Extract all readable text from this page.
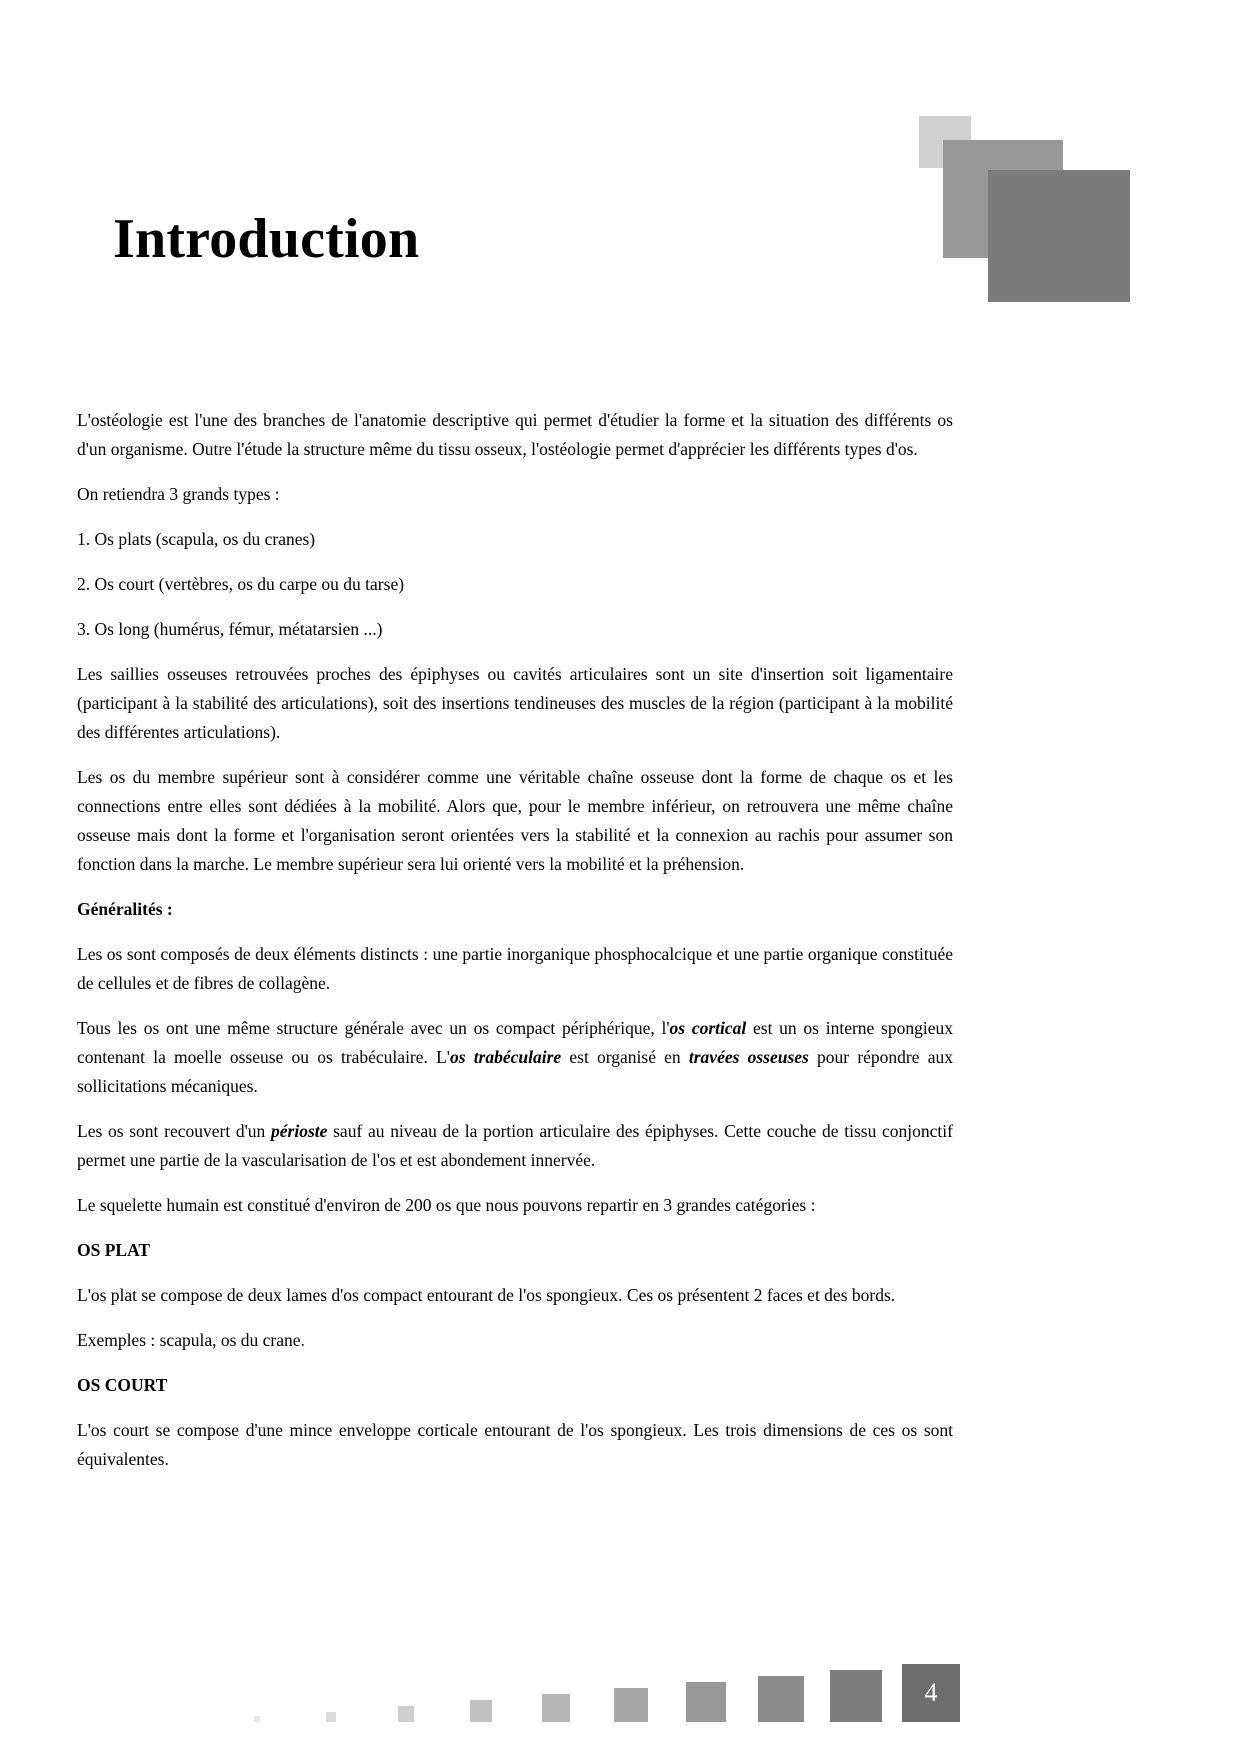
Introduction

L'ostéologie est l'une des branches de l'anatomie descriptive qui permet d'étudier la forme et la situation des différents os d'un organisme. Outre l'étude la structure même du tissu osseux, l'ostéologie permet d'apprécier les différents types d'os.

On retiendra 3 grands types :

1. Os plats (scapula, os du cranes)

2. Os court (vertèbres, os du carpe ou du tarse)

3. Os long (humérus, fémur, métatarsien ...)

Les saillies osseuses retrouvées proches des épiphyses ou cavités articulaires sont un site d'insertion soit ligamentaire (participant à la stabilité des articulations), soit des insertions tendineuses des muscles de la région (participant à la mobilité des différentes articulations).

Les os du membre supérieur sont à considérer comme une véritable chaîne osseuse dont la forme de chaque os et les connections entre elles sont dédiées à la mobilité. Alors que, pour le membre inférieur, on retrouvera une même chaîne osseuse mais dont la forme et l'organisation seront orientées vers la stabilité et la connexion au rachis pour assumer son fonction dans la marche. Le membre supérieur sera lui orienté vers la mobilité et la préhension.

Généralités :

Les os sont composés de deux éléments distincts : une partie inorganique phosphocalcique et une partie organique constituée de cellules et de fibres de collagène.

Tous les os ont une même structure générale avec un os compact périphérique, l'os cortical est un os interne spongieux contenant la moelle osseuse ou os trabéculaire. L'os trabéculaire est organisé en travées osseuses pour répondre aux sollicitations mécaniques.

Les os sont recouvert d'un périoste sauf au niveau de la portion articulaire des épiphyses. Cette couche de tissu conjonctif permet une partie de la vascularisation de l'os et est abondement innervée.

Le squelette humain est constitué d'environ de 200 os que nous pouvons repartir en 3 grandes catégories :

OS PLAT

L'os plat se compose de deux lames d'os compact entourant de l'os spongieux. Ces os présentent 2 faces et des bords.

Exemples : scapula, os du crane.

OS COURT

L'os court se compose d'une mince enveloppe corticale entourant de l'os spongieux. Les trois dimensions de ces os sont équivalentes.

4
